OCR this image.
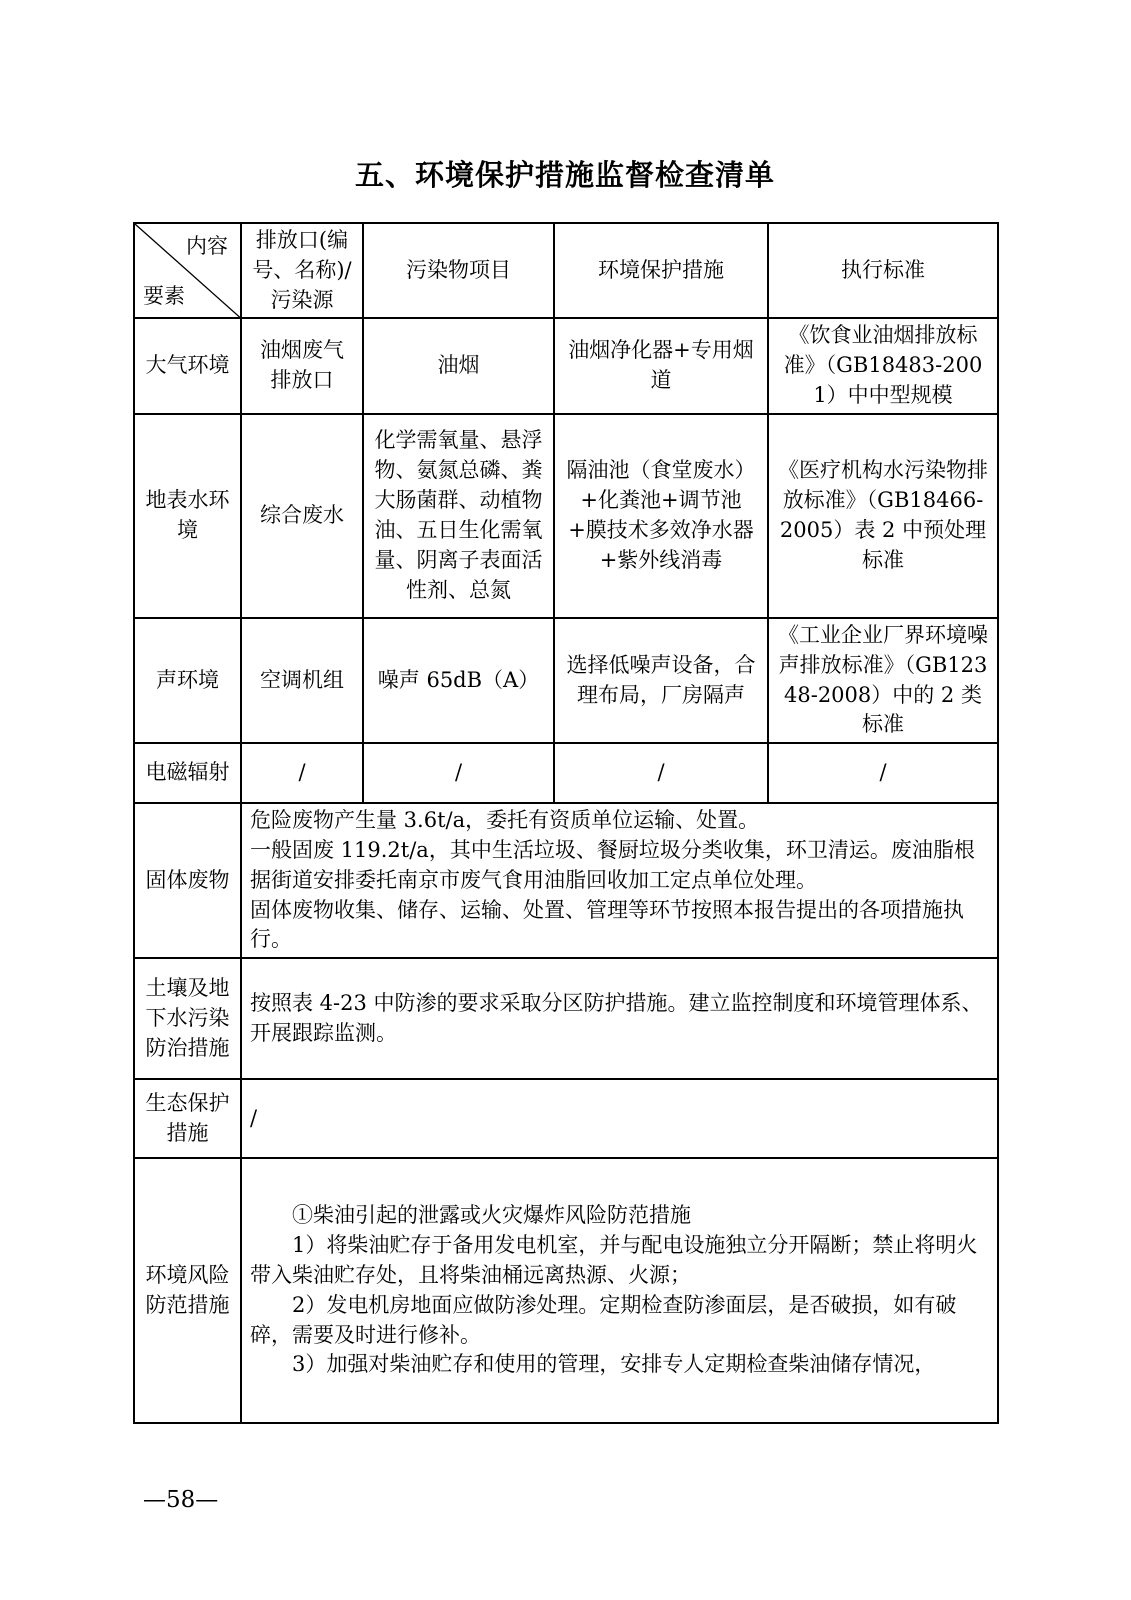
五、环境保护措施监督检查清单
内容
要素	排放口(编号、名称)/污染源	污染物项目	环境保护措施	执行标准
大气环境	油烟废气排放口	油烟	油烟净化器+专用烟道	《饮食业油烟排放标准》（GB18483-2001）中中型规模
地表水环境	综合废水	化学需氧量、悬浮物、氨氮总磷、粪大肠菌群、动植物油、五日生化需氧量、阴离子表面活性剂、总氮	隔油池（食堂废水）+化粪池+调节池+膜技术多效净水器+紫外线消毒	《医疗机构水污染物排放标准》（GB18466-2005）表 2 中预处理标准
声环境	空调机组	噪声 65dB（A）	选择低噪声设备，合理布局，厂房隔声	《工业企业厂界环境噪声排放标准》（GB12348-2008）中的 2 类标准
电磁辐射	/	/	/	/
固体废物	危险废物产生量 3.6t/a，委托有资质单位运输、处置。

一般固废 119.2t/a，其中生活垃圾、餐厨垃圾分类收集，环卫清运。废油脂根据街道安排委托南京市废气食用油脂回收加工定点单位处理。

固体废物收集、储存、运输、处置、管理等环节按照本报告提出的各项措施执行。			

土壤及地下水污染防治措施	按照表 4-23 中防渗的要求采取分区防护措施。建立监控制度和环境管理体系、开展跟踪监测。			
生态保护措施	/			
环境风险防范措施	①柴油引起的泄露或火灾爆炸风险防范措施

1）将柴油贮存于备用发电机室，并与配电设施独立分开隔断；禁止将明火带入柴油贮存处，且将柴油桶远离热源、火源；

2）发电机房地面应做防渗处理。定期检查防渗面层，是否破损，如有破碎，需要及时进行修补。

3）加强对柴油贮存和使用的管理，安排专人定期检查柴油储存情况，			

—58—
